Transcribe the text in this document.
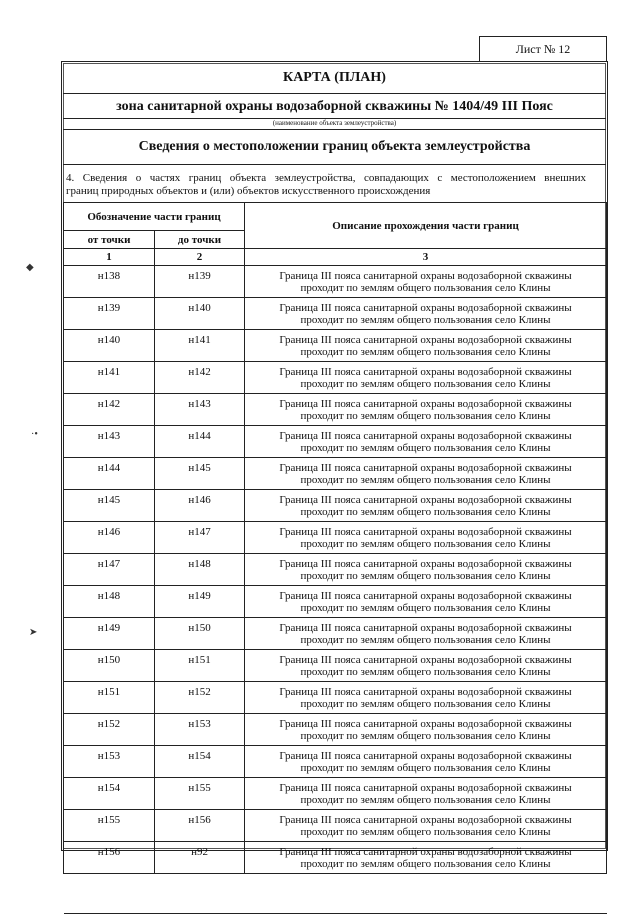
Лист № 12
КАРТА (ПЛАН)
зона санитарной охраны водозаборной скважины № 1404/49 III Пояс
(наименование объекта землеустройства)
Сведения о местоположении границ объекта землеустройства
4. Сведения о частях границ объекта землеустройства, совпадающих с местоположением внешних
границ природных объектов и (или) объектов искусственного происхождения
Обозначение части границ		Описание прохождения части границ
от точки	до точки	
1	2	3
н138	н139	Граница III пояса санитарной охраны водозаборной скважины
проходит по землям общего пользования село Клины

н139	н140	Граница III пояса санитарной охраны водозаборной скважины
проходит по землям общего пользования село Клины

н140	н141	Граница III пояса санитарной охраны водозаборной скважины
проходит по землям общего пользования село Клины

н141	н142	Граница III пояса санитарной охраны водозаборной скважины
проходит по землям общего пользования село Клины

н142	н143	Граница III пояса санитарной охраны водозаборной скважины
проходит по землям общего пользования село Клины

н143	н144	Граница III пояса санитарной охраны водозаборной скважины
проходит по землям общего пользования село Клины

н144	н145	Граница III пояса санитарной охраны водозаборной скважины
проходит по землям общего пользования село Клины

н145	н146	Граница III пояса санитарной охраны водозаборной скважины
проходит по землям общего пользования село Клины

н146	н147	Граница III пояса санитарной охраны водозаборной скважины
проходит по землям общего пользования село Клины

н147	н148	Граница III пояса санитарной охраны водозаборной скважины
проходит по землям общего пользования село Клины

н148	н149	Граница III пояса санитарной охраны водозаборной скважины
проходит по землям общего пользования село Клины

н149	н150	Граница III пояса санитарной охраны водозаборной скважины
проходит по землям общего пользования село Клины

н150	н151	Граница III пояса санитарной охраны водозаборной скважины
проходит по землям общего пользования село Клины

н151	н152	Граница III пояса санитарной охраны водозаборной скважины
проходит по землям общего пользования село Клины

н152	н153	Граница III пояса санитарной охраны водозаборной скважины
проходит по землям общего пользования село Клины

н153	н154	Граница III пояса санитарной охраны водозаборной скважины
проходит по землям общего пользования село Клины

н154	н155	Граница III пояса санитарной охраны водозаборной скважины
проходит по землям общего пользования село Клины

н155	н156	Граница III пояса санитарной охраны водозаборной скважины
проходит по землям общего пользования село Клины

н156	н92	Граница III пояса санитарной охраны водозаборной скважины
проходит по землям общего пользования село Клины

◆
·•
➤
